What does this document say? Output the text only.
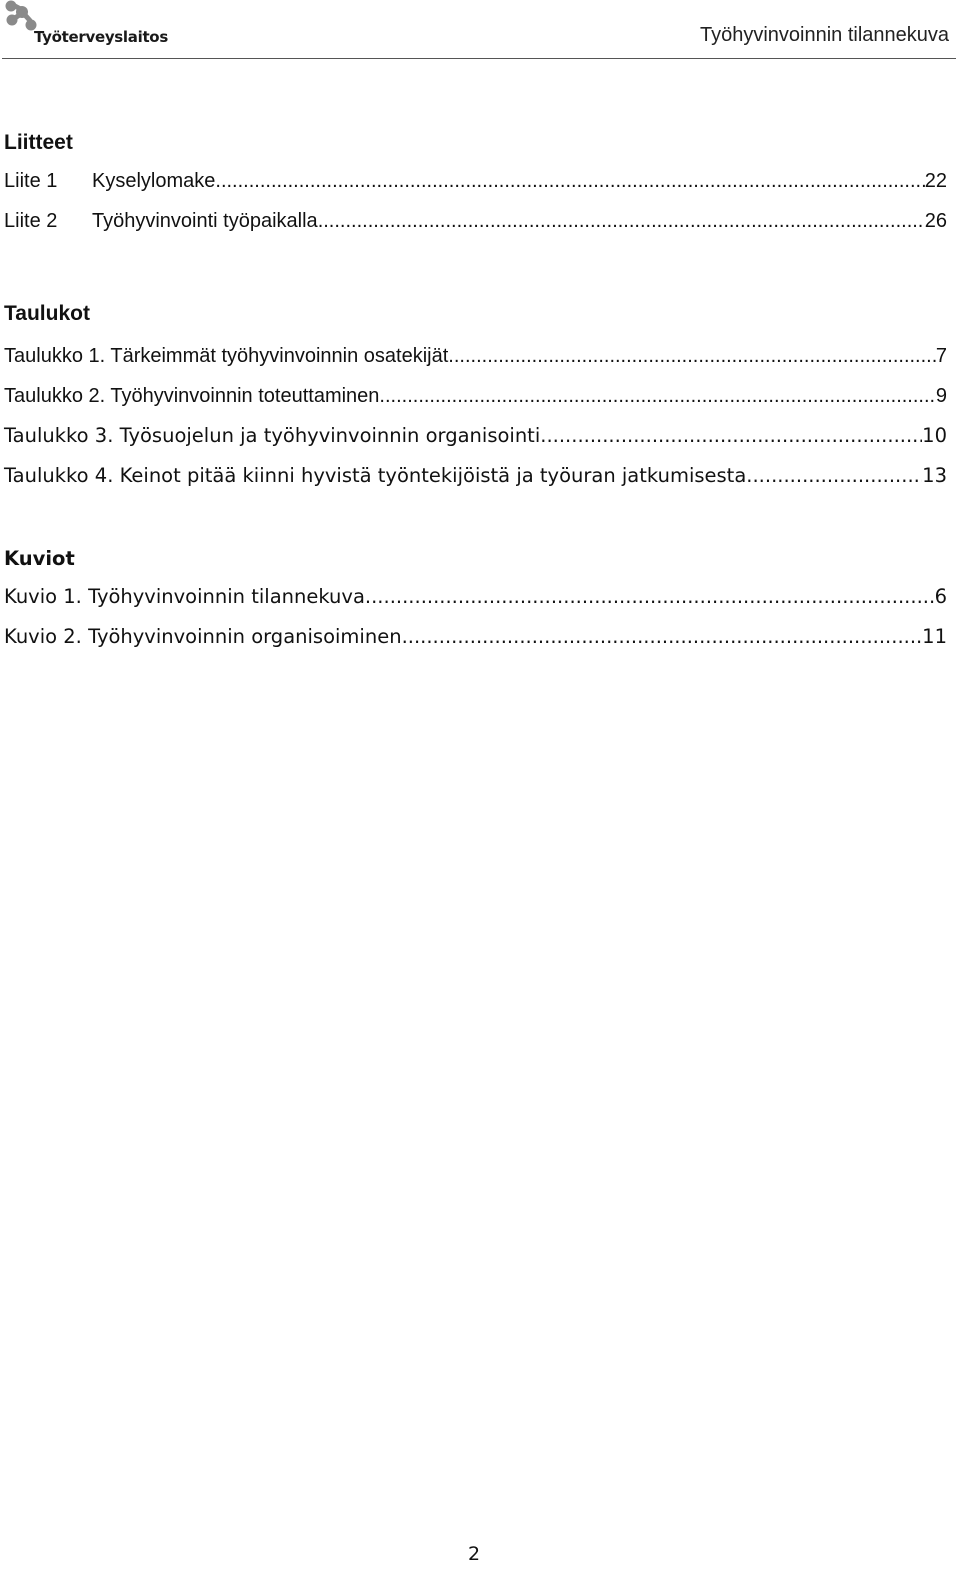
Työterveyslaitos	Työhyvinvoinnin tilannekuva
Liitteet
Liite 1 Kyselylomake .....	22
Liite 2 Työhyvinvointi työpaikalla .....	26
Taulukot
Taulukko 1. Tärkeimmät työhyvinvoinnin osatekijät .....	7
Taulukko 2. Työhyvinvoinnin toteuttaminen .....	9
Taulukko 3. Työsuojelun ja työhyvinvoinnin organisointi .....	10
Taulukko 4. Keinot pitää kiinni hyvistä työntekijöistä ja työuran jatkumisesta .....	13
Kuviot
Kuvio 1. Työhyvinvoinnin tilannekuva .....	6
Kuvio 2. Työhyvinvoinnin organisoiminen .....	11
2
